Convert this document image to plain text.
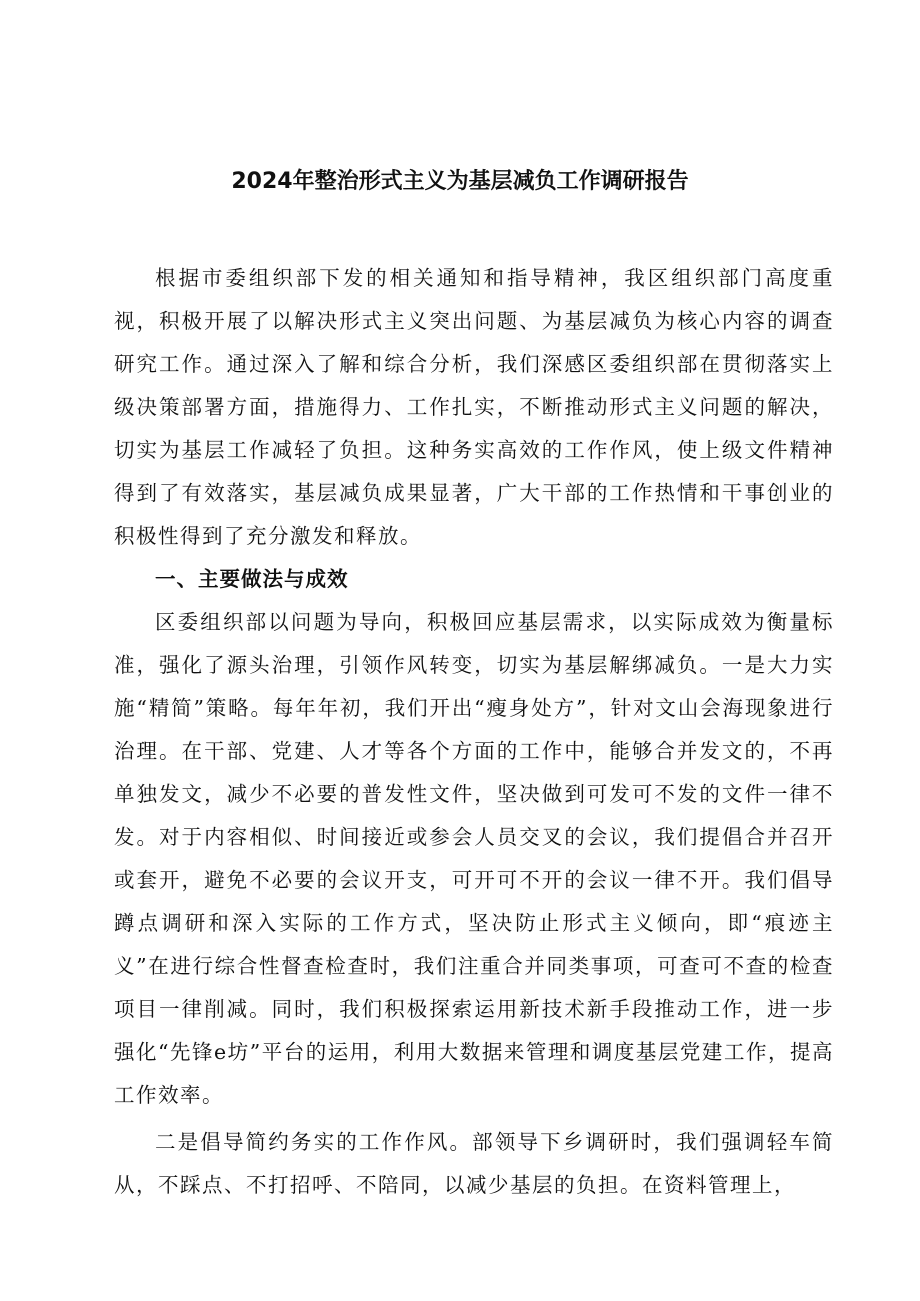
2024年整治形式主义为基层减负工作调研报告

根据市委组织部下发的相关通知和指导精神，我区组织部门高度重视，积极开展了以解决形式主义突出问题、为基层减负为核心内容的调查研究工作。通过深入了解和综合分析，我们深感区委组织部在贯彻落实上级决策部署方面，措施得力、工作扎实，不断推动形式主义问题的解决，切实为基层工作减轻了负担。这种务实高效的工作作风，使上级文件精神得到了有效落实，基层减负成果显著，广大干部的工作热情和干事创业的积极性得到了充分激发和释放。

一、主要做法与成效

区委组织部以问题为导向，积极回应基层需求，以实际成效为衡量标准，强化了源头治理，引领作风转变，切实为基层解绑减负。一是大力实施“精简”策略。每年年初，我们开出“瘦身处方”，针对文山会海现象进行治理。在干部、党建、人才等各个方面的工作中，能够合并发文的，不再单独发文，减少不必要的普发性文件，坚决做到可发可不发的文件一律不发。对于内容相似、时间接近或参会人员交叉的会议，我们提倡合并召开或套开，避免不必要的会议开支，可开可不开的会议一律不开。我们倡导蹲点调研和深入实际的工作方式，坚决防止形式主义倾向，即“痕迹主义”在进行综合性督查检查时，我们注重合并同类事项，可查可不查的检查项目一律削减。同时，我们积极探索运用新技术新手段推动工作，进一步强化“先锋e坊”平台的运用，利用大数据来管理和调度基层党建工作，提高工作效率。

二是倡导简约务实的工作作风。部领导下乡调研时，我们强调轻车简从，不踩点、不打招呼、不陪同，以减少基层的负担。在资料管理上，
